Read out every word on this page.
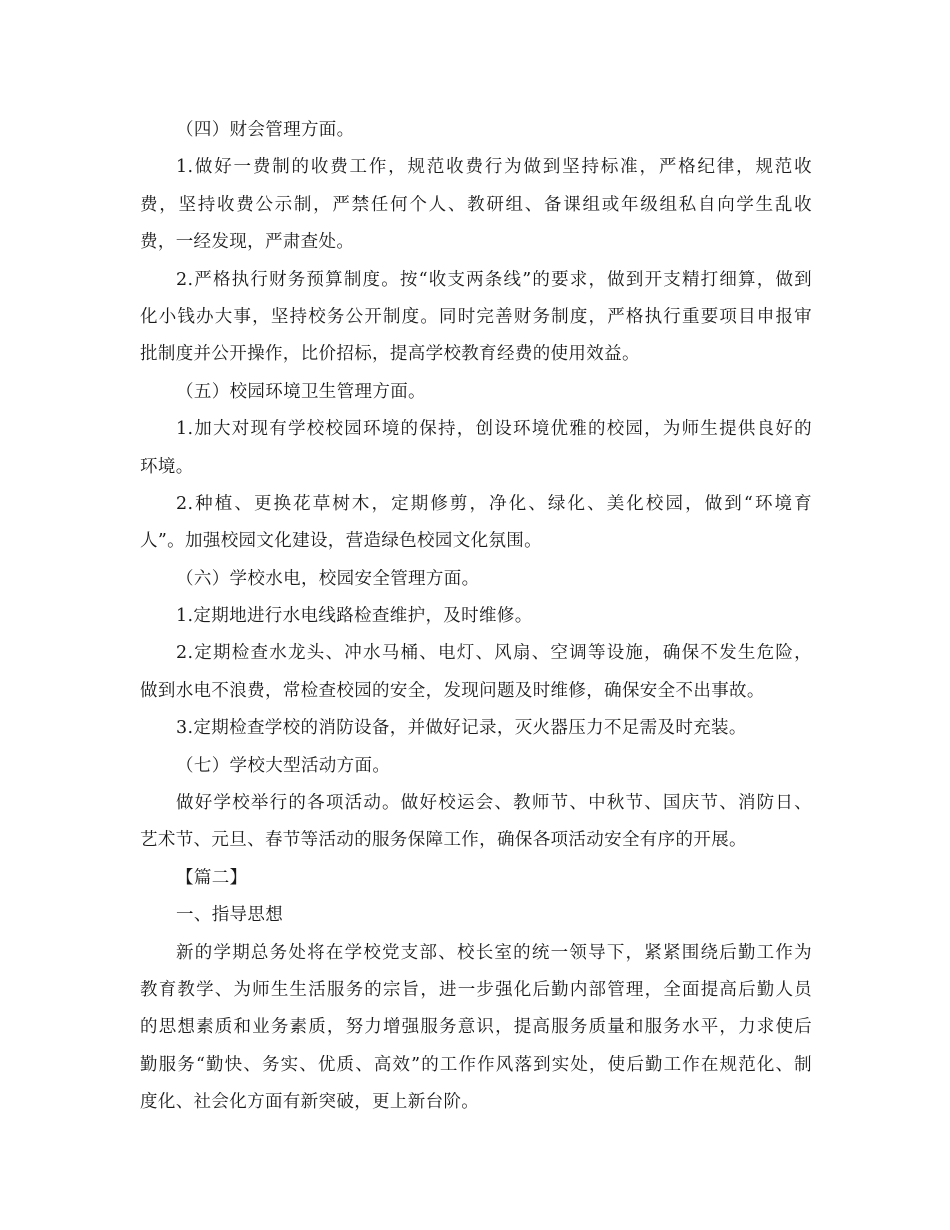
（四）财会管理方面。
1.做好一费制的收费工作，规范收费行为做到坚持标准，严格纪律，规范收
费，坚持收费公示制，严禁任何个人、教研组、备课组或年级组私自向学生乱收
费，一经发现，严肃查处。
2.严格执行财务预算制度。按“收支两条线”的要求，做到开支精打细算，做到
化小钱办大事，坚持校务公开制度。同时完善财务制度，严格执行重要项目申报审
批制度并公开操作，比价招标，提高学校教育经费的使用效益。
（五）校园环境卫生管理方面。
1.加大对现有学校校园环境的保持，创设环境优雅的校园，为师生提供良好的
环境。
2.种植、更换花草树木，定期修剪，净化、绿化、美化校园，做到“环境育
人”。加强校园文化建设，营造绿色校园文化氛围。
（六）学校水电，校园安全管理方面。
1.定期地进行水电线路检查维护，及时维修。
2.定期检查水龙头、冲水马桶、电灯、风扇、空调等设施，确保不发生危险，
做到水电不浪费，常检查校园的安全，发现问题及时维修，确保安全不出事故。
3.定期检查学校的消防设备，并做好记录，灭火器压力不足需及时充装。
（七）学校大型活动方面。
做好学校举行的各项活动。做好校运会、教师节、中秋节、国庆节、消防日、
艺术节、元旦、春节等活动的服务保障工作，确保各项活动安全有序的开展。
【篇二】
一、指导思想
新的学期总务处将在学校党支部、校长室的统一领导下，紧紧围绕后勤工作为
教育教学、为师生生活服务的宗旨，进一步强化后勤内部管理，全面提高后勤人员
的思想素质和业务素质，努力增强服务意识，提高服务质量和服务水平，力求使后
勤服务“勤快、务实、优质、高效”的工作作风落到实处，使后勤工作在规范化、制
度化、社会化方面有新突破，更上新台阶。
